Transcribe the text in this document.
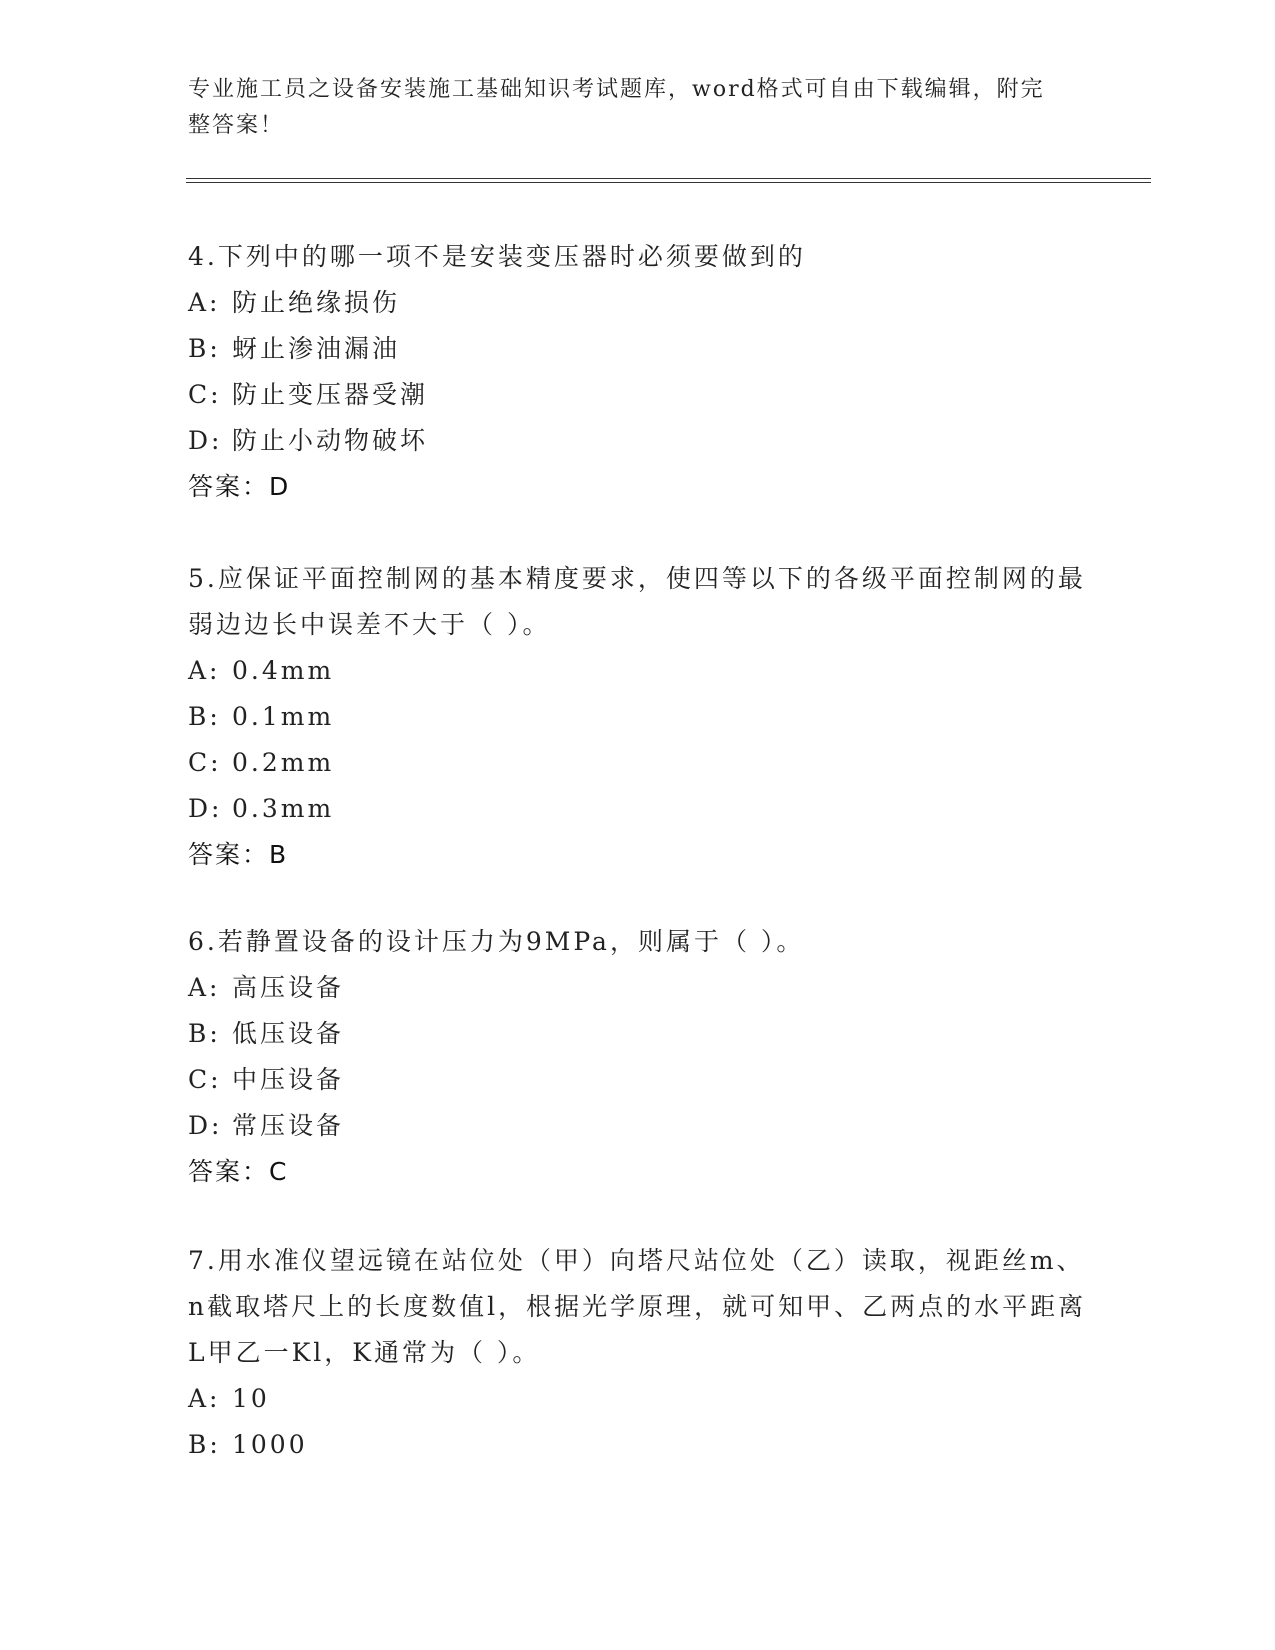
专业施工员之设备安装施工基础知识考试题库，word格式可自由下载编辑，附完整答案！

4.下列中的哪一项不是安装变压器时必须要做到的

A: 防止绝缘损伤
B: 蚜止渗油漏油
C: 防止变压器受潮
D: 防止小动物破坏
答案：D

5.应保证平面控制网的基本精度要求，使四等以下的各级平面控制网的最弱边边长中误差不大于（ ）。

A: 0.4mm
B: 0.1mm
C: 0.2mm
D: 0.3mm
答案：B

6.若静置设备的设计压力为9MPa，则属于（ ）。

A: 高压设备
B: 低压设备
C: 中压设备
D: 常压设备
答案：C

7.用水准仪望远镜在站位处（甲）向塔尺站位处（乙）读取，视距丝m、n截取塔尺上的长度数值l，根据光学原理，就可知甲、乙两点的水平距离L甲乙一Kl，K通常为（ ）。

A: 10
B: 1000
